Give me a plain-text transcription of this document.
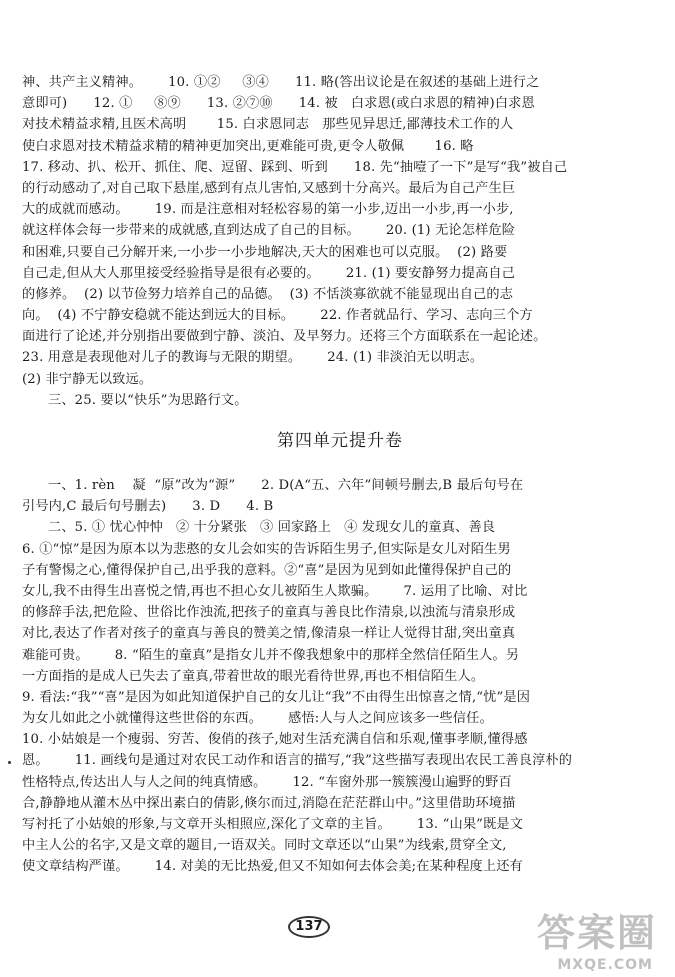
神、共产主义精神。      10. ①②     ③④      11. 略(答出议论是在叙述的基础上进行之
意即可)      12. ①     ⑧⑨      13. ②⑦⑩      14. 被   白求恩(或白求恩的精神)白求恩
对技术精益求精,且医术高明       15. 白求恩同志   那些见异思迁,鄙薄技术工作的人
使白求恩对技术精益求精的精神更加突出,更难能可贵,更令人敬佩       16. 略
17. 移动、扒、松开、抓住、爬、逗留、踩到、听到      18. 先“抽噎了一下”是写“我”被自己
的行动感动了,对自己取下悬崖,感到有点儿害怕,又感到十分高兴。最后为自己产生巨
大的成就而感动。      19. 而是注意相对轻松容易的第一小步,迈出一小步,再一小步,
就这样体会每一步带来的成就感,直到达成了自己的目标。      20. (1) 无论怎样危险
和困难,只要自己分解开来,一小步一小步地解决,天大的困难也可以克服。  (2) 路要
自己走,但从大人那里接受经验指导是很有必要的。      21. (1) 要安静努力提高自己
的修养。  (2) 以节俭努力培养自己的品德。  (3) 不恬淡寡欲就不能显现出自己的志
向。  (4) 不宁静安稳就不能达到远大的目标。      22. 作者就品行、学习、志向三个方
面进行了论述,并分别指出要做到宁静、淡泊、及早努力。还将三个方面联系在一起论述。
23. 用意是表现他对儿子的教诲与无限的期望。      24. (1) 非淡泊无以明志。
(2) 非宁静无以致远。
三、25. 要以“快乐”为思路行文。
第四单元提升卷
一、1. rèn    凝  “原”改为“源”      2. D(A“五、六年”间顿号删去,B 最后句号在
引号内,C 最后句号删去)      3. D      4. B
二、5. ① 忧心忡忡   ② 十分紧张   ③ 回家路上   ④ 发现女儿的童真、善良
6. ①“惊”是因为原本以为悲憨的女儿会如实的告诉陌生男子,但实际是女儿对陌生男
子有警惕之心,懂得保护自己,出乎我的意料。②“喜”是因为见到如此懂得保护自己的
女儿,我不由得生出喜悦之情,再也不担心女儿被陌生人欺骗。      7. 运用了比喻、对比
的修辞手法,把危险、世俗比作浊流,把孩子的童真与善良比作清泉,以浊流与清泉形成
对比,表达了作者对孩子的童真与善良的赞美之情,像清泉一样让人觉得甘甜,突出童真
难能可贵。      8. “陌生的童真”是指女儿并不像我想象中的那样全然信任陌生人。另
一方面指的是成人已失去了童真,带着世故的眼光看待世界,再也不相信陌生人。
9. 看法:“我”“喜”是因为如此知道保护自己的女儿让“我”不由得生出惊喜之情,“忧”是因
为女儿如此之小就懂得这些世俗的东西。      感悟:人与人之间应该多一些信任。
10. 小姑娘是一个瘦弱、穷苦、俊俏的孩子,她对生活充满自信和乐观,懂事孝顺,懂得感
恩。      11. 画线句是通过对农民工动作和语言的描写,“我”这些描写表现出农民工善良淳朴的
性格特点,传达出人与人之间的纯真情感。      12. “车窗外那一簇簇漫山遍野的野百
合,静静地从灌木丛中探出素白的倩影,倏尔而过,消隐在茫茫群山中。”这里借助环境描
写衬托了小姑娘的形象,与文章开头相照应,深化了文章的主旨。      13. “山果”既是文
中主人公的名字,又是文章的题目,一语双关。同时文章还以“山果”为线索,贯穿全文,
使文章结构严谨。      14. 对美的无比热爱,但又不知如何去体会美;在某种程度上还有
137	答案圈
MXQE.COM
